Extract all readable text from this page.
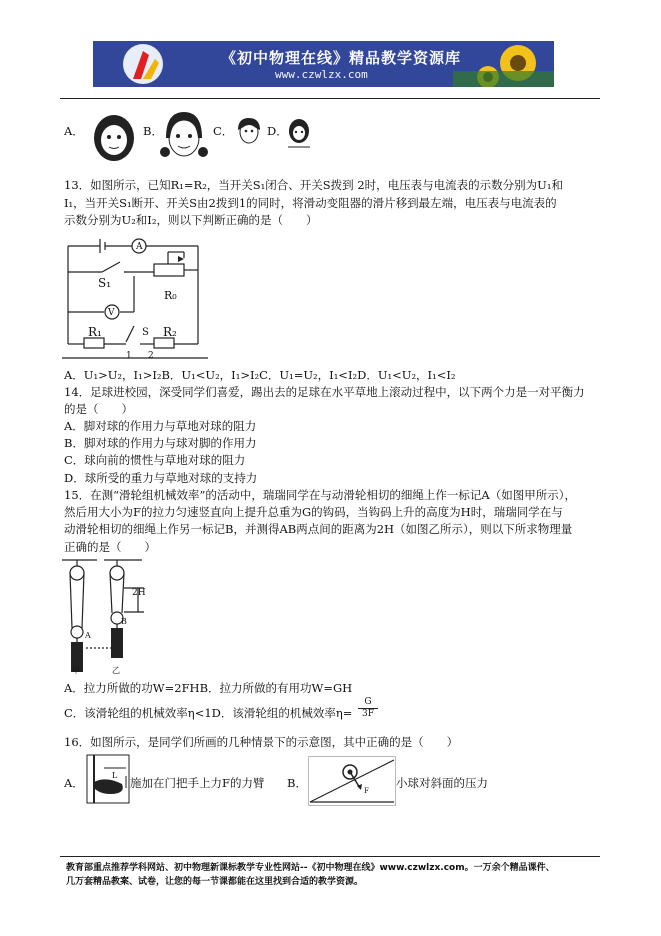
《初中物理在线》精品教学资源库
www.czwlzx.com
A．	B．	C．	D．
13．如图所示，已知R₁=R₂，当开关S₁闭合、开关S拨到 2时，电压表与电流表的示数分别为U₁和
I₁，当开关S₁断开、开关S由2拨到1的同时，将滑动变阻器的滑片移到最左端，电压表与电流表的
示数分别为U₂和I₂，则以下判断正确的是（　　）
A
V
S₁
R₀
R₁	S R₂
1 2
A．U₁>U₂，I₁>I₂B．U₁<U₂，I₁>I₂C．U₁=U₂，I₁<I₂D．U₁<U₂，I₁<I₂
14．足球进校园，深受同学们喜爱，踢出去的足球在水平草地上滚动过程中，以下两个力是一对平衡力
的是（　　）
A．脚对球的作用力与草地对球的阻力
B．脚对球的作用力与球对脚的作用力
C．球向前的惯性与草地对球的阻力
D．球所受的重力与草地对球的支持力
15．在测“滑轮组机械效率”的活动中，瑞瑞同学在与动滑轮相切的细绳上作一标记A（如图甲所示），
然后用大小为F的拉力匀速竖直向上提升总重为G的钩码，当钩码上升的高度为H时，瑞瑞同学在与
动滑轮相切的细绳上作另一标记B，并测得AB两点间的距离为2H（如图乙所示），则以下所求物理量
正确的是（　　）
2H
A
B
甲	乙
A．拉力所做的功W=2FHB．拉力所做的有用功W=GH
C．该滑轮组的机械效率η<1D．该滑轮组的机械效率$\eta= \frac{G}{3F}$
16．如图所示，是同学们所画的几种情景下的示意图，其中正确的是（　　）
A．
L
施加在门把手上力F的力臂 B．
F
小球对斜面的压力
教育部重点推荐学科网站、初中物理新课标教学专业性网站--《初中物理在线》www.czwlzx.com。一万余个精品课件、
几万套精品教案、试卷，让您的每一节课都能在这里找到合适的教学资源。
